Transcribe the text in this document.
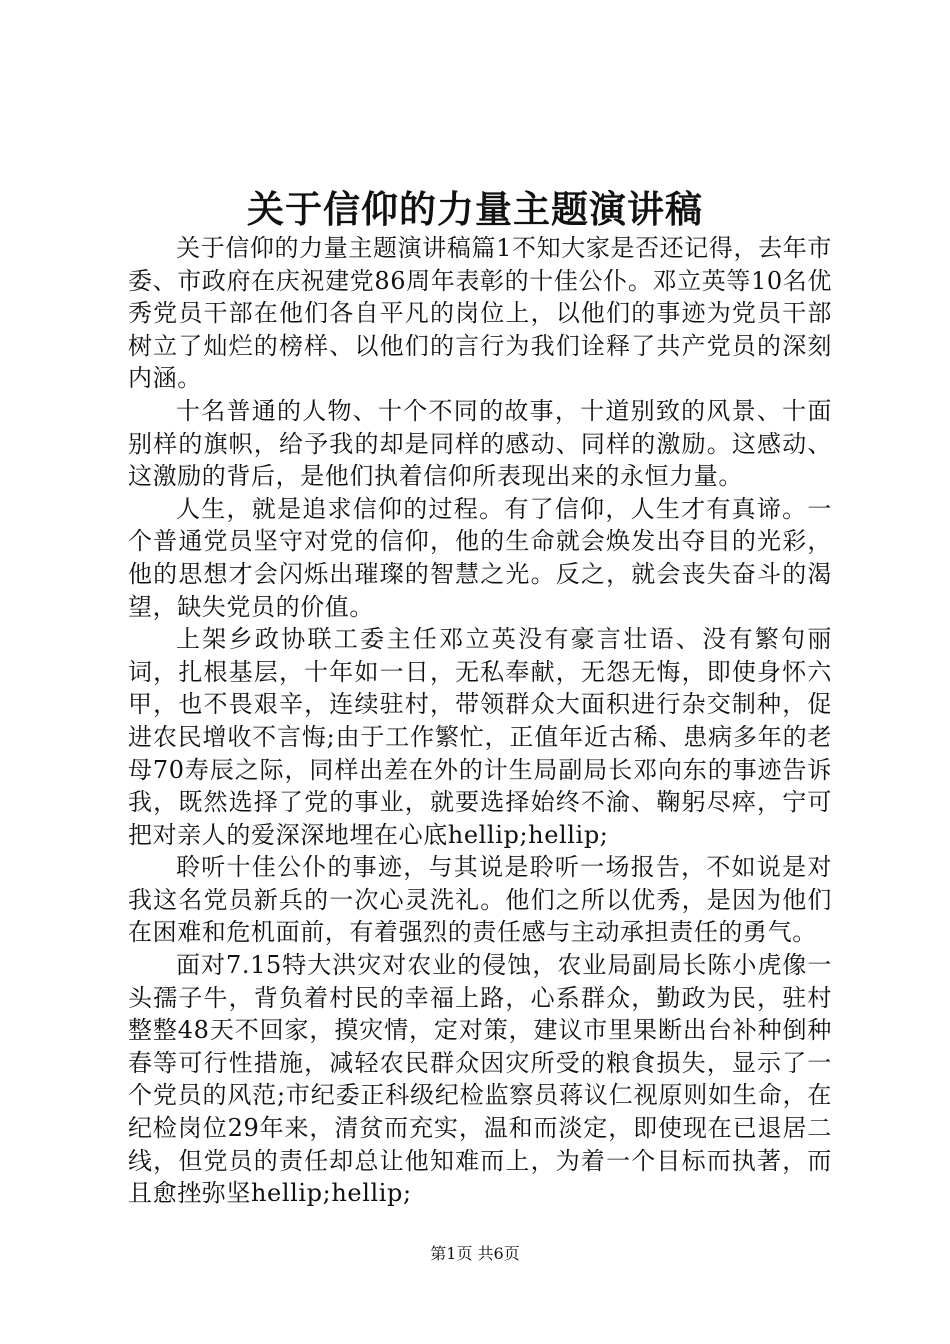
关于信仰的力量主题演讲稿

关于信仰的力量主题演讲稿篇1不知大家是否还记得，去年市委、市政府在庆祝建党86周年表彰的十佳公仆。邓立英等10名优秀党员干部在他们各自平凡的岗位上，以他们的事迹为党员干部树立了灿烂的榜样、以他们的言行为我们诠释了共产党员的深刻内涵。

十名普通的人物、十个不同的故事，十道别致的风景、十面别样的旗帜，给予我的却是同样的感动、同样的激励。这感动、这激励的背后，是他们执着信仰所表现出来的永恒力量。

人生，就是追求信仰的过程。有了信仰，人生才有真谛。一个普通党员坚守对党的信仰，他的生命就会焕发出夺目的光彩，他的思想才会闪烁出璀璨的智慧之光。反之，就会丧失奋斗的渴望，缺失党员的价值。

上架乡政协联工委主任邓立英没有豪言壮语、没有繁句丽词，扎根基层，十年如一日，无私奉献，无怨无悔，即使身怀六甲，也不畏艰辛，连续驻村，带领群众大面积进行杂交制种，促进农民增收不言悔;由于工作繁忙，正值年近古稀、患病多年的老母70寿辰之际，同样出差在外的计生局副局长邓向东的事迹告诉我，既然选择了党的事业，就要选择始终不渝、鞠躬尽瘁，宁可把对亲人的爱深深地埋在心底hellip;hellip;

聆听十佳公仆的事迹，与其说是聆听一场报告，不如说是对我这名党员新兵的一次心灵洗礼。他们之所以优秀，是因为他们在困难和危机面前，有着强烈的责任感与主动承担责任的勇气。

面对7.15特大洪灾对农业的侵蚀，农业局副局长陈小虎像一头孺子牛，背负着村民的幸福上路，心系群众，勤政为民，驻村整整48天不回家，摸灾情，定对策，建议市里果断出台补种倒种春等可行性措施，减轻农民群众因灾所受的粮食损失，显示了一个党员的风范;市纪委正科级纪检监察员蒋议仁视原则如生命，在纪检岗位29年来，清贫而充实，温和而淡定，即使现在已退居二线，但党员的责任却总让他知难而上，为着一个目标而执著，而且愈挫弥坚hellip;hellip;

第1页 共6页
